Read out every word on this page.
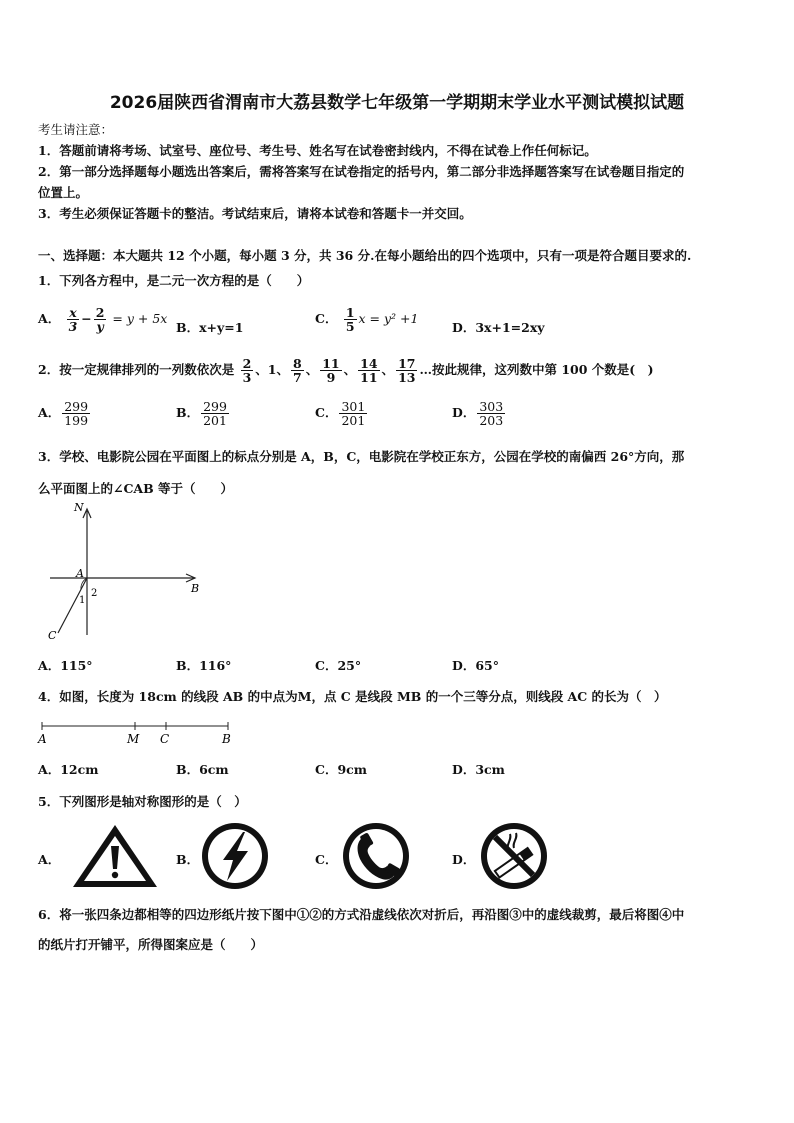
2026届陕西省渭南市大荔县数学七年级第一学期期末学业水平测试模拟试题
考生请注意：
1．答题前请将考场、试室号、座位号、考生号、姓名写在试卷密封线内，不得在试卷上作任何标记。
2．第一部分选择题每小题选出答案后，需将答案写在试卷指定的括号内，第二部分非选择题答案写在试卷题目指定的
位置上。
3．考生必须保证答题卡的整洁。考试结束后，请将本试卷和答题卡一并交回。
一、选择题：本大题共 12 个小题，每小题 3 分，共 36 分.在每小题给出的四个选项中，只有一项是符合题目要求的.
1．下列各方程中，是二元一次方程的是（　　）
A． $\frac{x}{3} - \frac{2}{y} = y + 5x$
B．x+y=1
C． $\frac{1}{5}$ x = y² +1
D．3x+1=2xy
2．按一定规律排列的一列数依次是 $\frac{2}{3}$ 、1、 $\frac{8}{7}$ 、 $\frac{11}{9}$ 、 $\frac{14}{11}$ 、 $\frac{17}{13}$ …按此规律，这列数中第 100 个数是(　)
A． $\frac{299}{199}$	B． $\frac{299}{201}$	C． $\frac{301}{201}$	D． $\frac{303}{203}$
3．学校、电影院公园在平面图上的标点分别是 A，B，C，电影院在学校正东方，公园在学校的南偏西 26°方向，那
么平面图上的∠CAB 等于（　　）
N
A
B
C
1
2
A．115°	B．116°	C．25°	D．65°
4．如图，长度为 18cm 的线段 AB 的中点为M，点 C 是线段 MB 的一个三等分点，则线段 AC 的长为（　）
A	M C	B
A．12cm	B．6cm	C．9cm	D．3cm
5．下列图形是轴对称图形的是（　）
A．	B．	C．	D．
6．将一张四条边都相等的四边形纸片按下图中①②的方式沿虚线依次对折后，再沿图③中的虚线裁剪，最后将图④中
的纸片打开铺平，所得图案应是（　　）
